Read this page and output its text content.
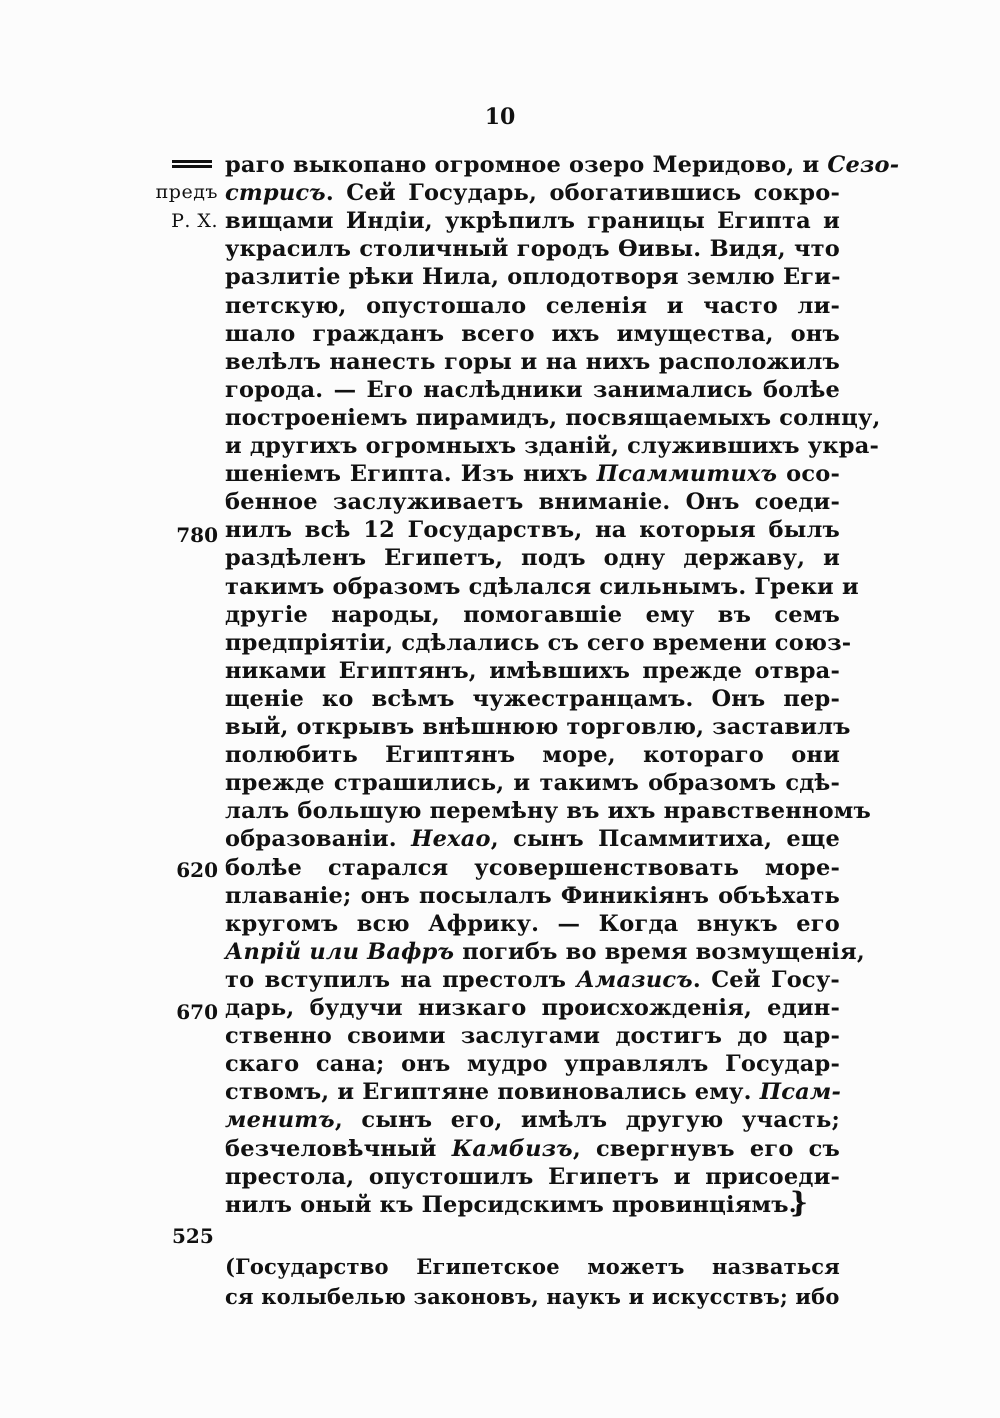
10
предъ
Р. Х.
780
620
670
525
раго выкопано огромное озеро Меридово, и Сезо-
стрисъ. Сей Государь, обогатившись сокро-
вищами Индіи, укрѣпилъ границы Египта и
украсилъ столичный городъ Ѳивы. Видя, что
разлитіе рѣки Нила, оплодотворя землю Еги-
петскую, опустошало селенія и часто ли-
шало гражданъ всего ихъ имущества, онъ
велѣлъ нанесть горы и на нихъ расположилъ
города. — Его наслѣдники занимались болѣе
построеніемъ пирамидъ, посвящаемыхъ солнцу,
и другихъ огромныхъ зданій, служившихъ укра-
шеніемъ Египта. Изъ нихъ Псаммитихъ осо-
бенное заслуживаетъ вниманіе. Онъ соеди-
нилъ всѣ 12 Государствъ, на которыя былъ
раздѣленъ Египетъ, подъ одну державу, и
такимъ образомъ сдѣлался сильнымъ. Греки и
другіе народы, помогавшіе ему въ семъ
предпріятіи, сдѣлались съ сего времени союз-
никами Египтянъ, имѣвшихъ прежде отвра-
щеніе ко всѣмъ чужестранцамъ. Онъ пер-
вый, открывъ внѣшнюю торговлю, заставилъ
полюбить Египтянъ море, котораго они
прежде страшились, и такимъ образомъ сдѣ-
лалъ большую перемѣну въ ихъ нравственномъ
образованіи. Нехао, сынъ Псаммитиха, еще
болѣе старался усовершенствовать море-
плаваніе; онъ посылалъ Финикіянъ объѣхать
кругомъ всю Африку. — Когда внукъ его
Апрій или Вафръ погибъ во время возмущенія,
то вступилъ на престолъ Амазисъ. Сей Госу-
дарь, будучи низкаго происхожденія, един-
ственно своими заслугами достигъ до цар-
скаго сана; онъ мудро управлялъ Государ-
ствомъ, и Египтяне повиновались ему. Псам-
менитъ, сынъ его, имѣлъ другую участь;
безчеловѣчный Камбизъ, свергнувъ его съ
престола, опустошилъ Египетъ и присоеди-
нилъ оный къ Персидскимъ провинціямъ.
(Государство Египетское можетъ назваться
ся колыбелью законовъ, наукъ и искусствъ; ибо
}
